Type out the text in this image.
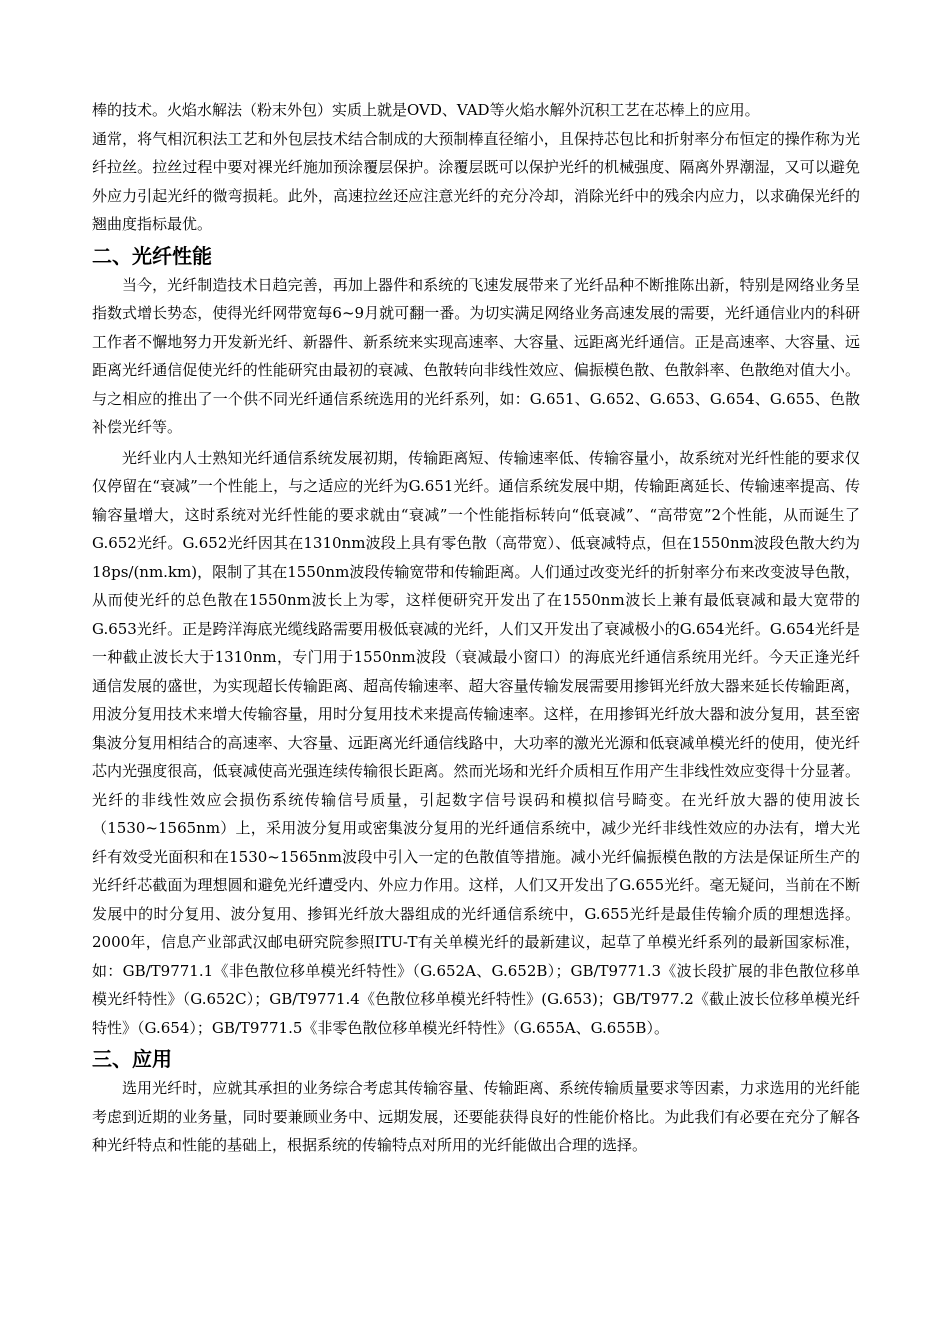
棒的技术。火焰水解法（粉末外包）实质上就是OVD、VAD等火焰水解外沉积工艺在芯棒上的应用。

通常，将气相沉积法工艺和外包层技术结合制成的大预制棒直径缩小，且保持芯包比和折射率分布恒定的操作称为光纤拉丝。拉丝过程中要对裸光纤施加预涂覆层保护。涂覆层既可以保护光纤的机械强度、隔离外界潮湿，又可以避免外应力引起光纤的微弯损耗。此外，高速拉丝还应注意光纤的充分冷却，消除光纤中的残余内应力，以求确保光纤的翘曲度指标最优。

二、光纤性能

当今，光纤制造技术日趋完善，再加上器件和系统的飞速发展带来了光纤品种不断推陈出新，特别是网络业务呈指数式增长势态，使得光纤网带宽每6~9月就可翻一番。为切实满足网络业务高速发展的需要，光纤通信业内的科研工作者不懈地努力开发新光纤、新器件、新系统来实现高速率、大容量、远距离光纤通信。正是高速率、大容量、远距离光纤通信促使光纤的性能研究由最初的衰减、色散转向非线性效应、偏振模色散、色散斜率、色散绝对值大小。与之相应的推出了一个供不同光纤通信系统选用的光纤系列，如：G.651、G.652、G.653、G.654、G.655、色散补偿光纤等。

光纤业内人士熟知光纤通信系统发展初期，传输距离短、传输速率低、传输容量小，故系统对光纤性能的要求仅仅停留在“衰减”一个性能上，与之适应的光纤为G.651光纤。通信系统发展中期，传输距离延长、传输速率提高、传输容量增大，这时系统对光纤性能的要求就由“衰减”一个性能指标转向“低衰减”、“高带宽”2个性能，从而诞生了G.652光纤。G.652光纤因其在1310nm波段上具有零色散（高带宽）、低衰减特点，但在1550nm波段色散大约为18ps/(nm.km)，限制了其在1550nm波段传输宽带和传输距离。人们通过改变光纤的折射率分布来改变波导色散，从而使光纤的总色散在1550nm波长上为零，这样便研究开发出了在1550nm波长上兼有最低衰减和最大宽带的G.653光纤。正是跨洋海底光缆线路需要用极低衰减的光纤，人们又开发出了衰减极小的G.654光纤。G.654光纤是一种截止波长大于1310nm，专门用于1550nm波段（衰减最小窗口）的海底光纤通信系统用光纤。今天正逢光纤通信发展的盛世，为实现超长传输距离、超高传输速率、超大容量传输发展需要用掺铒光纤放大器来延长传输距离，用波分复用技术来增大传输容量，用时分复用技术来提高传输速率。这样，在用掺铒光纤放大器和波分复用，甚至密集波分复用相结合的高速率、大容量、远距离光纤通信线路中，大功率的激光光源和低衰减单模光纤的使用，使光纤芯内光强度很高，低衰减使高光强连续传输很长距离。然而光场和光纤介质相互作用产生非线性效应变得十分显著。光纤的非线性效应会损伤系统传输信号质量，引起数字信号误码和模拟信号畸变。在光纤放大器的使用波长（1530~1565nm）上，采用波分复用或密集波分复用的光纤通信系统中，减少光纤非线性效应的办法有，增大光纤有效受光面积和在1530~1565nm波段中引入一定的色散值等措施。减小光纤偏振模色散的方法是保证所生产的光纤纤芯截面为理想圆和避免光纤遭受内、外应力作用。这样，人们又开发出了G.655光纤。毫无疑问，当前在不断发展中的时分复用、波分复用、掺铒光纤放大器组成的光纤通信系统中，G.655光纤是最佳传输介质的理想选择。2000年，信息产业部武汉邮电研究院参照ITU-T有关单模光纤的最新建议，起草了单模光纤系列的最新国家标准，如：GB/T9771.1《非色散位移单模光纤特性》（G.652A、G.652B）；GB/T9771.3《波长段扩展的非色散位移单模光纤特性》（G.652C）；GB/T9771.4《色散位移单模光纤特性》(G.653)；GB/T977.2《截止波长位移单模光纤特性》（G.654）；GB/T9771.5《非零色散位移单模光纤特性》（G.655A、G.655B）。

三、应用

选用光纤时，应就其承担的业务综合考虑其传输容量、传输距离、系统传输质量要求等因素，力求选用的光纤能考虑到近期的业务量，同时要兼顾业务中、远期发展，还要能获得良好的性能价格比。为此我们有必要在充分了解各种光纤特点和性能的基础上，根据系统的传输特点对所用的光纤能做出合理的选择。
